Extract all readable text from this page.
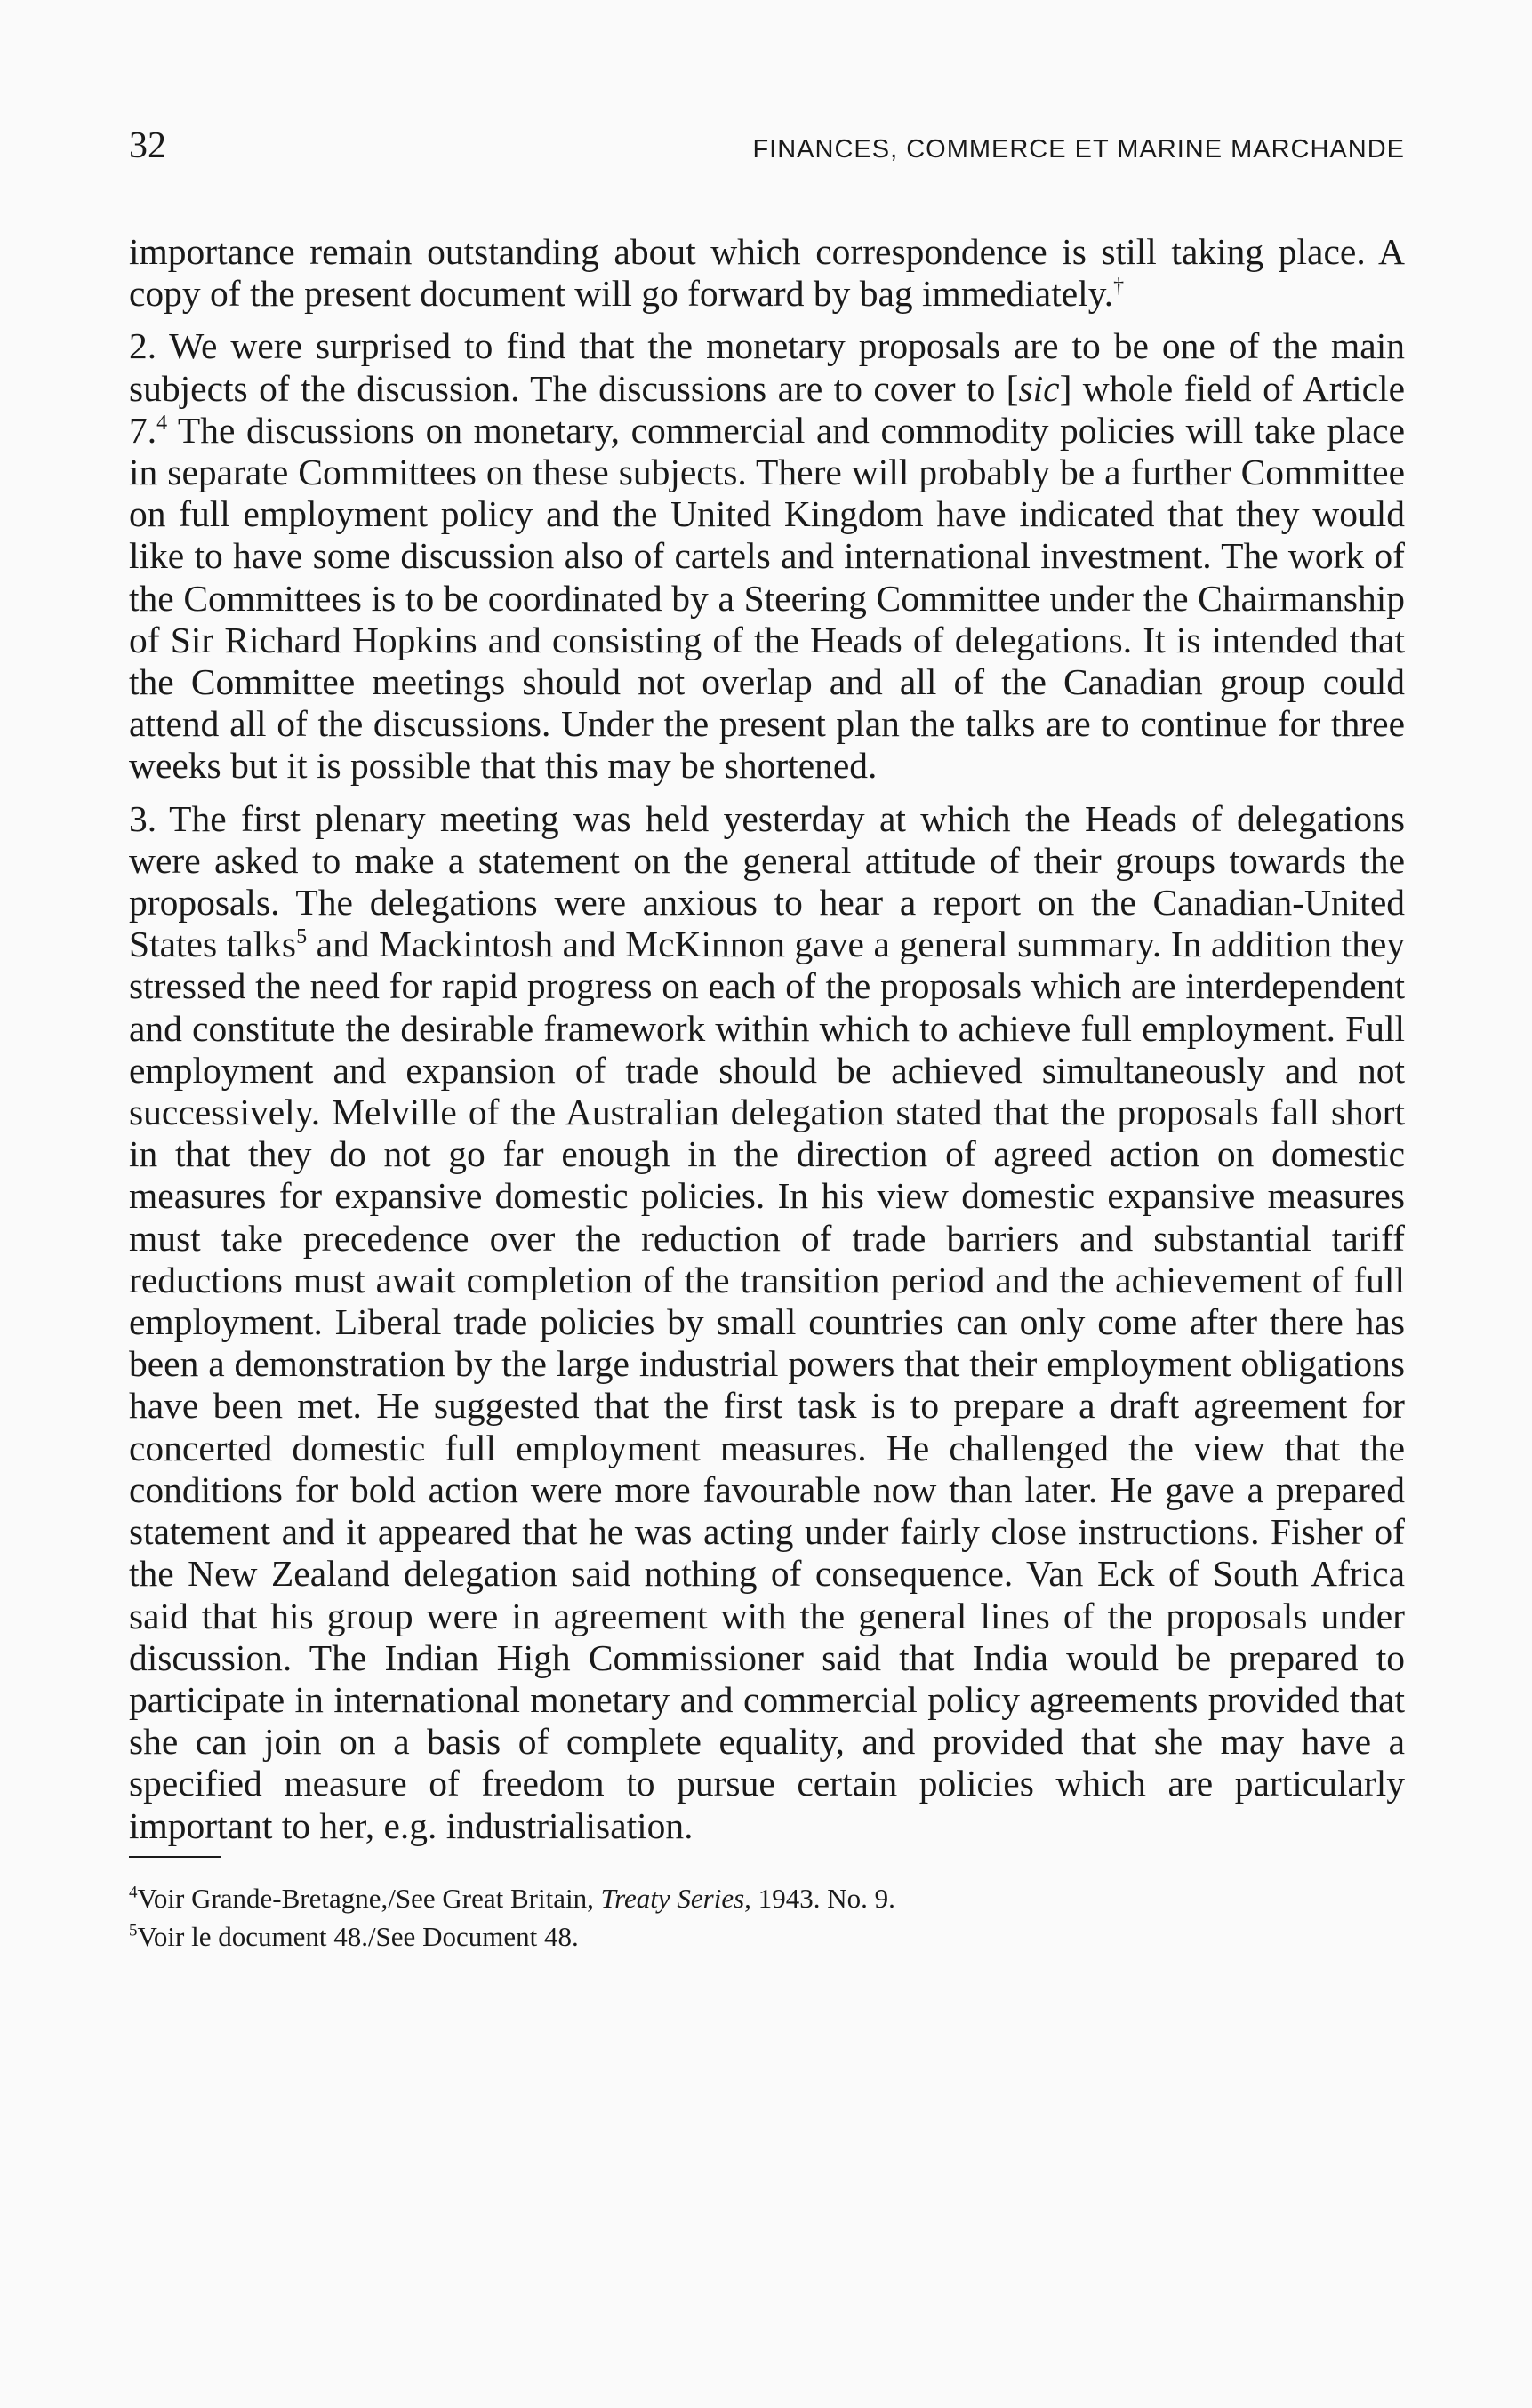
32	FINANCES, COMMERCE ET MARINE MARCHANDE

importance remain outstanding about which correspondence is still taking place. A copy of the present document will go forward by bag immediately.†

2. We were surprised to find that the monetary proposals are to be one of the main subjects of the discussion. The discussions are to cover to [sic] whole field of Article 7.$^4$ The discussions on monetary, commercial and commodity policies will take place in separate Committees on these subjects. There will probably be a further Committee on full employment policy and the United Kingdom have indicated that they would like to have some discussion also of cartels and international investment. The work of the Committees is to be coordinated by a Steering Committee under the Chairmanship of Sir Richard Hopkins and consisting of the Heads of delegations. It is intended that the Committee meetings should not overlap and all of the Canadian group could attend all of the discussions. Under the present plan the talks are to continue for three weeks but it is possible that this may be shortened.

3. The first plenary meeting was held yesterday at which the Heads of delegations were asked to make a statement on the general attitude of their groups towards the proposals. The delegations were anxious to hear a report on the Canadian-United States talks$^5$ and Mackintosh and McKinnon gave a general summary. In addition they stressed the need for rapid progress on each of the proposals which are interdependent and constitute the desirable framework within which to achieve full employment. Full employment and expansion of trade should be achieved simultaneously and not successively. Melville of the Australian delegation stated that the proposals fall short in that they do not go far enough in the direction of agreed action on domestic measures for expansive domestic policies. In his view domestic expansive measures must take precedence over the reduction of trade barriers and substantial tariff reductions must await completion of the transition period and the achievement of full employment. Liberal trade policies by small countries can only come after there has been a demonstration by the large industrial powers that their employment obligations have been met. He suggested that the first task is to prepare a draft agreement for concerted domestic full employment measures. He challenged the view that the conditions for bold action were more favourable now than later. He gave a prepared statement and it appeared that he was acting under fairly close instructions. Fisher of the New Zealand delegation said nothing of consequence. Van Eck of South Africa said that his group were in agreement with the general lines of the proposals under discussion. The Indian High Commissioner said that India would be prepared to participate in international monetary and commercial policy agreements provided that she can join on a basis of complete equality, and provided that she may have a specified measure of freedom to pursue certain policies which are particularly important to her, e.g. industrialisation.

$^4$Voir Grande-Bretagne,/See Great Britain, Treaty Series, 1943. No. 9.

$^5$Voir le document 48./See Document 48.
